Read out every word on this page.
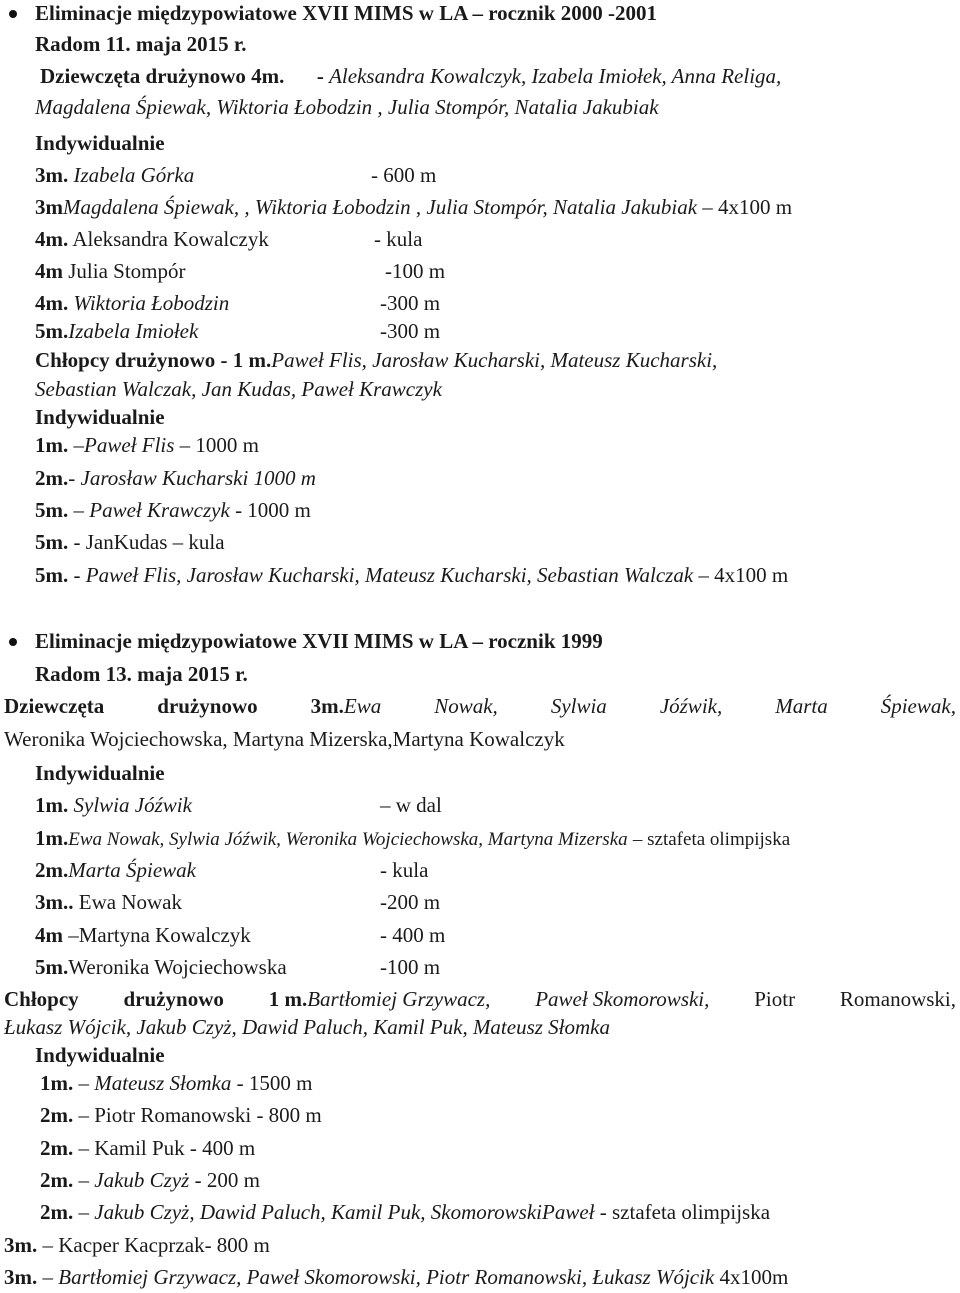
Eliminacje międzypowiatowe XVII MIMS w LA – rocznik 2000 -2001
Radom 11. maja 2015 r.
Dziewczęta drużynowo 4m. - Aleksandra Kowalczyk, Izabela Imiołek, Anna Religa,
Magdalena Śpiewak, Wiktoria Łobodzin , Julia Stompór, Natalia Jakubiak
Indywidualnie
3m. Izabela Górka	- 600 m
3mMagdalena Śpiewak, , Wiktoria Łobodzin , Julia Stompór, Natalia Jakubiak – 4x100 m
4m. Aleksandra Kowalczyk	- kula
4m Julia Stompór	-100 m
4m. Wiktoria Łobodzin	-300 m
5m.Izabela Imiołek	-300 m
Chłopcy drużynowo - 1 m.Paweł Flis, Jarosław Kucharski, Mateusz Kucharski,
Sebastian Walczak, Jan Kudas, Paweł Krawczyk
Indywidualnie
1m. –Paweł Flis – 1000 m
2m.- Jarosław Kucharski 1000 m
5m. – Paweł Krawczyk - 1000 m
5m. - JanKudas – kula
5m. - Paweł Flis, Jarosław Kucharski, Mateusz Kucharski, Sebastian Walczak – 4x100 m
Eliminacje międzypowiatowe XVII MIMS w LA – rocznik 1999
Radom 13. maja 2015 r.
Dziewczęta	drużynowo	3m.Ewa	Nowak,	Sylwia	Jóźwik,	Marta	Śpiewak,
Weronika Wojciechowska, Martyna Mizerska,Martyna Kowalczyk
Indywidualnie
1m. Sylwia Jóźwik	– w dal
1m.Ewa Nowak, Sylwia Jóźwik, Weronika Wojciechowska, Martyna Mizerska – sztafeta olimpijska
2m.Marta Śpiewak	- kula
3m.. Ewa Nowak	-200 m
4m –Martyna Kowalczyk	- 400 m
5m.Weronika Wojciechowska	-100 m
Chłopcy drużynowo 1 m.Bartłomiej Grzywacz, Paweł Skomorowski, Piotr Romanowski,
Łukasz Wójcik, Jakub Czyż, Dawid Paluch, Kamil Puk, Mateusz Słomka
Indywidualnie
1m. – Mateusz Słomka - 1500 m
2m. – Piotr Romanowski - 800 m
2m. – Kamil Puk - 400 m
2m. – Jakub Czyż - 200 m
2m. – Jakub Czyż, Dawid Paluch, Kamil Puk, SkomorowskiPaweł - sztafeta olimpijska
3m. – Kacper Kacprzak- 800 m
3m. – Bartłomiej Grzywacz, Paweł Skomorowski, Piotr Romanowski, Łukasz Wójcik 4x100m
